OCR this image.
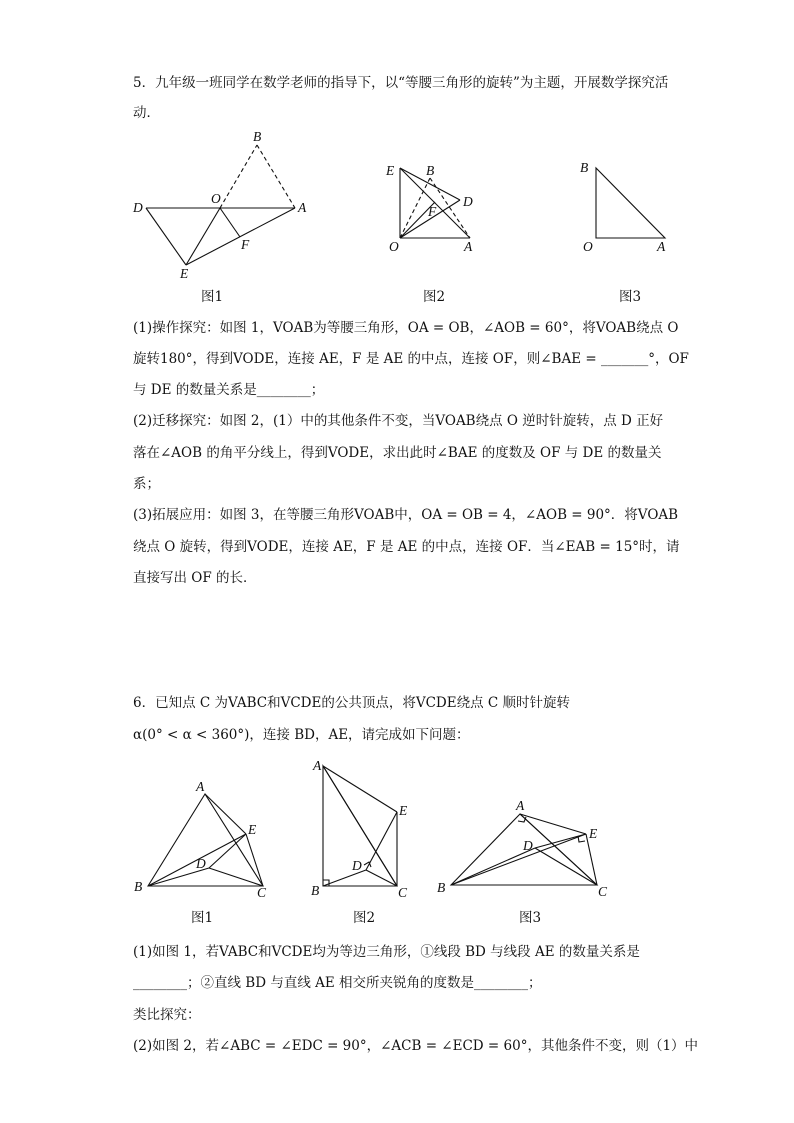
5．九年级一班同学在数学老师的指导下，以“等腰三角形的旋转”为主题，开展数学探究活动．
B
D
O
A
F
E
E B
D
F
O	A
B
O	A
A
E
D
B	C
A
E
D
B	C
A
E
D
B	C
图1	图2	图3
(1)操作探究：如图 1，VOAB为等腰三角形，OA = OB，∠AOB = 60°，将VOAB绕点 O
旋转180°，得到VODE，连接 AE，F 是 AE 的中点，连接 OF，则∠BAE = _______°，OF
与 DE 的数量关系是________；
(2)迁移探究：如图 2，(1）中的其他条件不变，当VOAB绕点 O 逆时针旋转，点 D 正好
落在∠AOB 的角平分线上，得到VODE，求出此时∠BAE 的度数及 OF 与 DE 的数量关
系；
(3)拓展应用：如图 3，在等腰三角形VOAB中，OA = OB = 4，∠AOB = 90°．将VOAB
绕点 O 旋转，得到VODE，连接 AE，F 是 AE 的中点，连接 OF．当∠EAB = 15°时，请
直接写出 OF 的长．
6．已知点 C 为VABC和VCDE的公共顶点，将VCDE绕点 C 顺时针旋转
α(0° < α < 360°)，连接 BD，AE，请完成如下问题：
图1	图2	图3
(1)如图 1，若VABC和VCDE均为等边三角形，①线段 BD 与线段 AE 的数量关系是
________；②直线 BD 与直线 AE 相交所夹锐角的度数是________；
类比探究：
(2)如图 2，若∠ABC = ∠EDC = 90°，∠ACB = ∠ECD = 60°，其他条件不变，则（1）中
